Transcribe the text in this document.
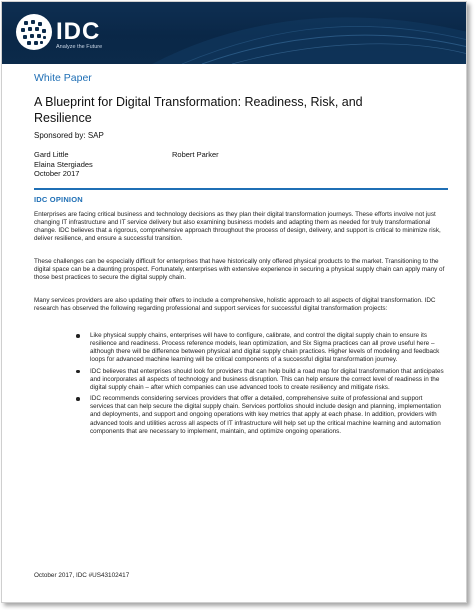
IDC
Analyze the Future
White Paper
A Blueprint for Digital Transformation: Readiness, Risk, and Resilience
Sponsored by: SAP
Gard Little
Elaina Stergiades
October 2017
Robert Parker
IDC OPINION
Enterprises are facing critical business and technology decisions as they plan their digital transformation journeys. These efforts involve not just changing IT infrastructure and IT service delivery but also examining business models and adapting them as needed for truly transformational change. IDC believes that a rigorous, comprehensive approach throughout the process of design, delivery, and support is critical to minimize risk, deliver resilience, and ensure a successful transition.
These challenges can be especially difficult for enterprises that have historically only offered physical products to the market. Transitioning to the digital space can be a daunting prospect. Fortunately, enterprises with extensive experience in securing a physical supply chain can apply many of those best practices to secure the digital supply chain.
Many services providers are also updating their offers to include a comprehensive, holistic approach to all aspects of digital transformation. IDC research has observed the following regarding professional and support services for successful digital transformation projects:
Like physical supply chains, enterprises will have to configure, calibrate, and control the digital supply chain to ensure its resilience and readiness. Process reference models, lean optimization, and Six Sigma practices can all prove useful here – although there will be difference between physical and digital supply chain practices. Higher levels of modeling and feedback loops for advanced machine learning will be critical components of a successful digital transformation journey.
IDC believes that enterprises should look for providers that can help build a road map for digital transformation that anticipates and incorporates all aspects of technology and business disruption. This can help ensure the correct level of readiness in the digital supply chain – after which companies can use advanced tools to create resiliency and mitigate risks.
IDC recommends considering services providers that offer a detailed, comprehensive suite of professional and support services that can help secure the digital supply chain. Services portfolios should include design and planning, implementation and deployments, and support and ongoing operations with key metrics that apply at each phase. In addition, providers with advanced tools and utilities across all aspects of IT infrastructure will help set up the critical machine learning and automation components that are necessary to implement, maintain, and optimize ongoing operations.
October 2017, IDC #US43102417
